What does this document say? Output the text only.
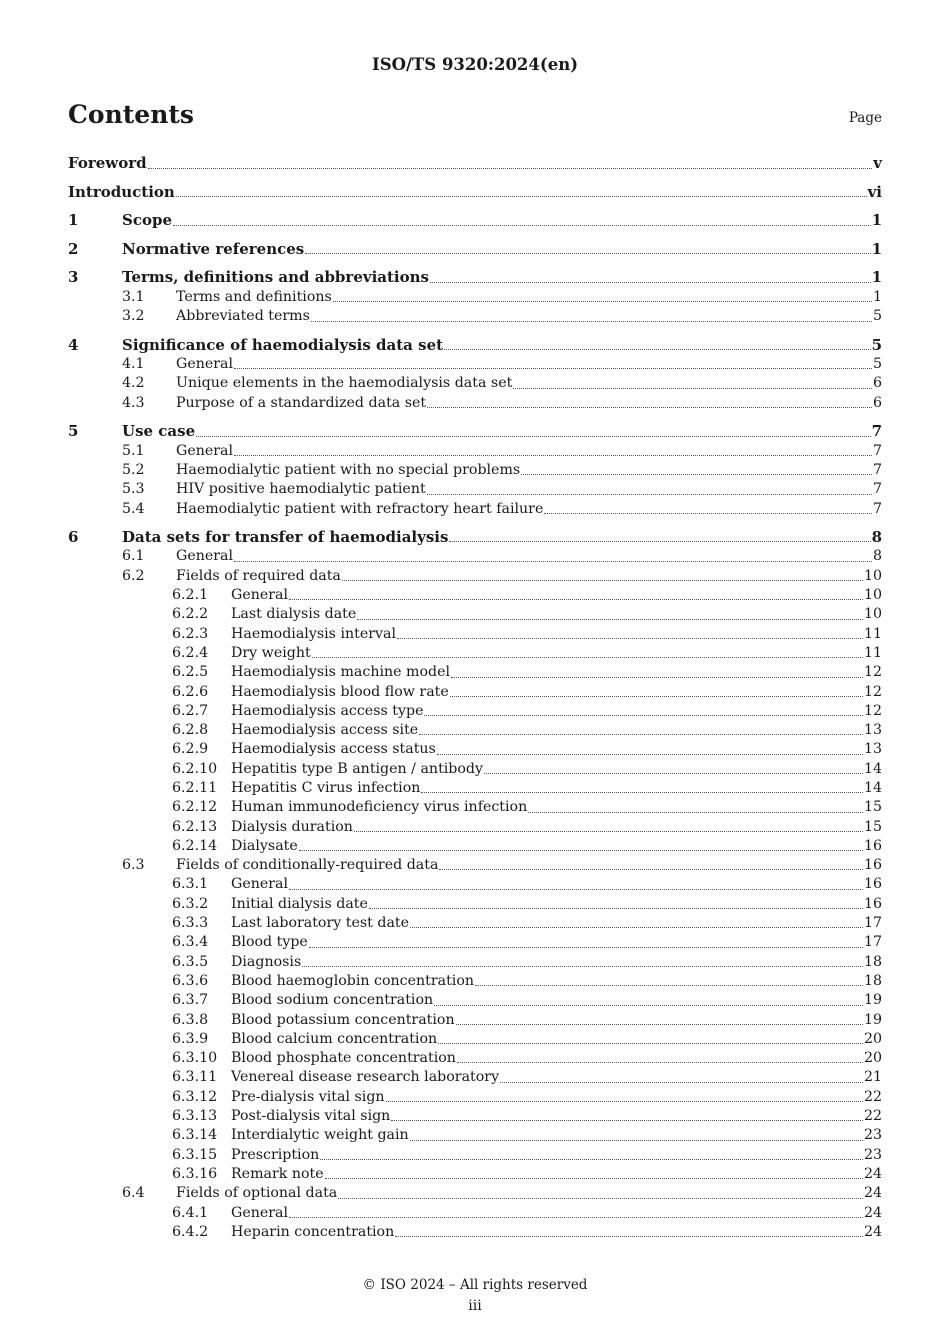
ISO/TS 9320:2024(en)
Contents	Page
Foreword	v
Introduction	vi
1	Scope	1
2	Normative references	1
3	Terms, definitions and abbreviations	1
3.1	Terms and definitions	1
3.2	Abbreviated terms	5
4	Significance of haemodialysis data set	5
4.1	General	5
4.2	Unique elements in the haemodialysis data set	6
4.3	Purpose of a standardized data set	6
5	Use case	7
5.1	General	7
5.2	Haemodialytic patient with no special problems	7
5.3	HIV positive haemodialytic patient	7
5.4	Haemodialytic patient with refractory heart failure	7
6	Data sets for transfer of haemodialysis	8
6.1	General	8
6.2	Fields of required data	10
6.2.1	General	10
6.2.2	Last dialysis date	10
6.2.3	Haemodialysis interval	11
6.2.4	Dry weight	11
6.2.5	Haemodialysis machine model	12
6.2.6	Haemodialysis blood flow rate	12
6.2.7	Haemodialysis access type	12
6.2.8	Haemodialysis access site	13
6.2.9	Haemodialysis access status	13
6.2.10 Hepatitis type B antigen / antibody	14
6.2.11 Hepatitis C virus infection	14
6.2.12 Human immunodeficiency virus infection	15
6.2.13 Dialysis duration	15
6.2.14 Dialysate	16
6.3	Fields of conditionally-required data	16
6.3.1	General	16
6.3.2	Initial dialysis date	16
6.3.3	Last laboratory test date	17
6.3.4	Blood type	17
6.3.5	Diagnosis	18
6.3.6	Blood haemoglobin concentration	18
6.3.7	Blood sodium concentration	19
6.3.8	Blood potassium concentration	19
6.3.9	Blood calcium concentration	20
6.3.10 Blood phosphate concentration	20
6.3.11 Venereal disease research laboratory	21
6.3.12 Pre-dialysis vital sign	22
6.3.13 Post-dialysis vital sign	22
6.3.14 Interdialytic weight gain	23
6.3.15 Prescription	23
6.3.16 Remark note	24
6.4	Fields of optional data	24
6.4.1	General	24
6.4.2	Heparin concentration	24
© ISO 2024 – All rights reserved
iii
